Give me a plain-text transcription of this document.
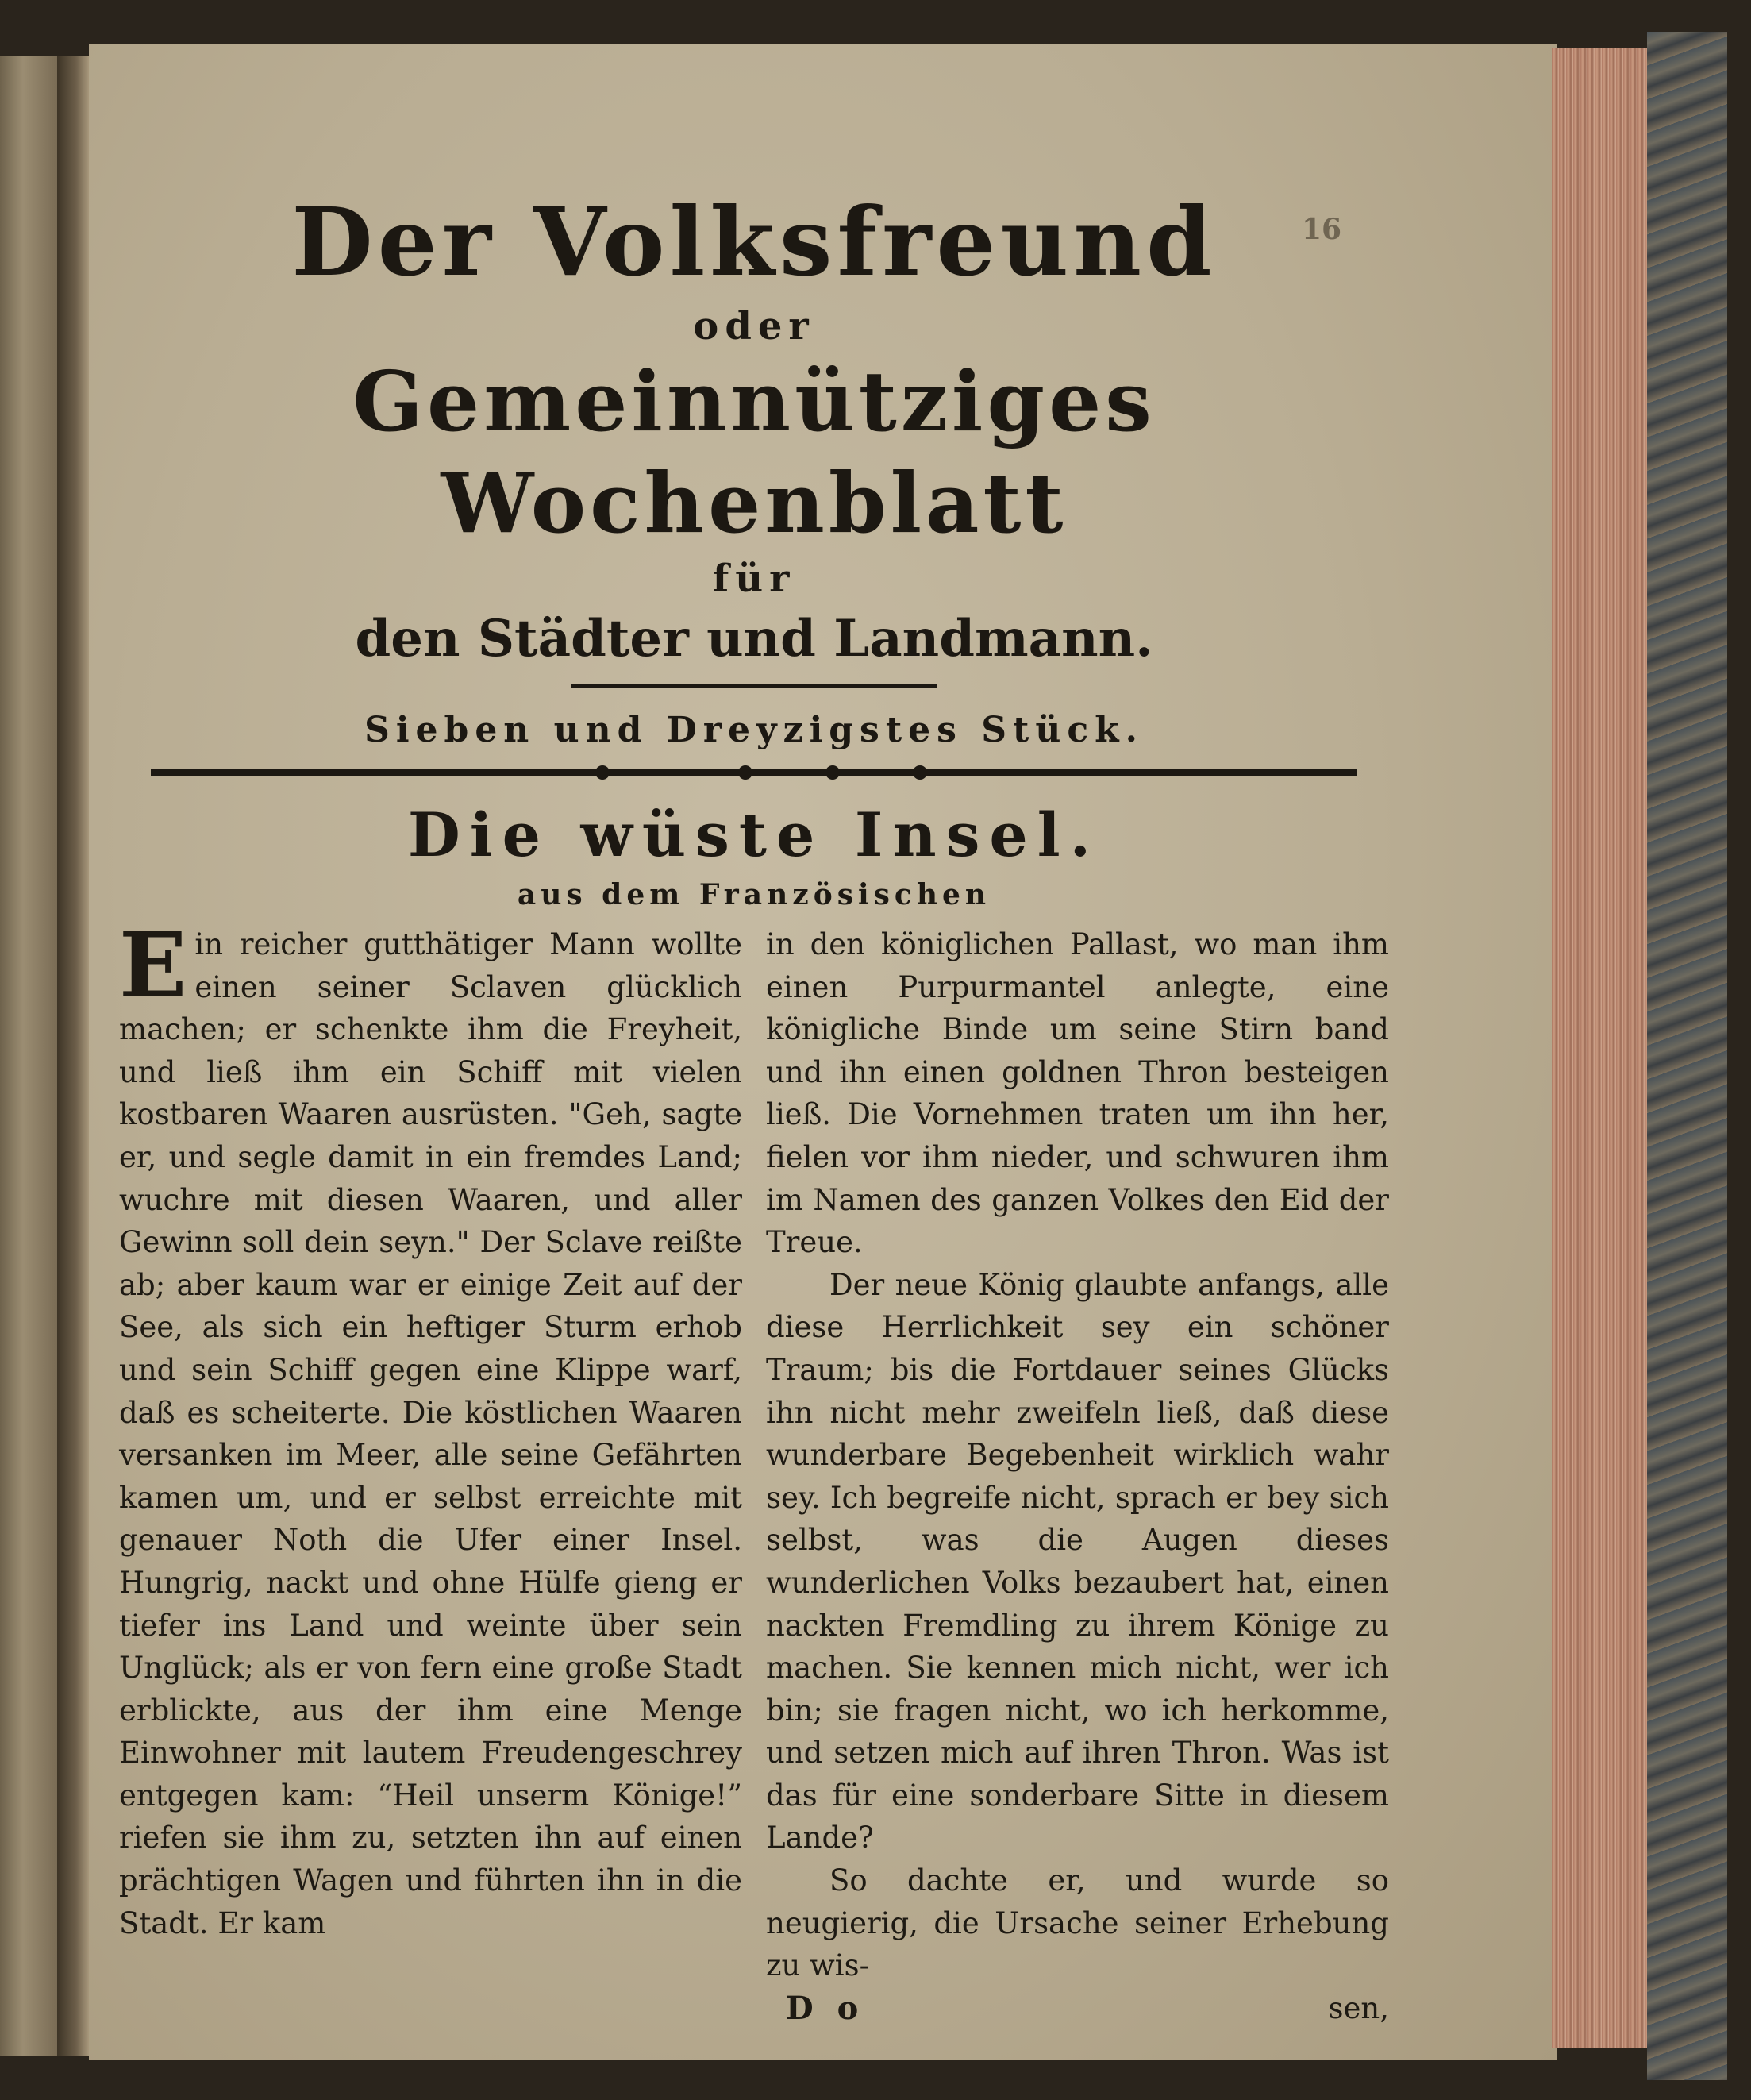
16

Der Volksfreund

oder

Gemeinnütziges Wochenblatt

für

den Städter und Landmann.

Sieben und Dreyzigstes Stück.

Die wüste Insel.

aus dem Französischen

Ein reicher gutthätiger Mann wollte einen seiner Sclaven glücklich machen; er schenkte ihm die Freyheit, und ließ ihm ein Schiff mit vielen kostbaren Waaren ausrüsten. "Geh, sagte er, und segle damit in ein fremdes Land; wuchre mit diesen Waaren, und aller Gewinn soll dein seyn." Der Sclave reißte ab; aber kaum war er einige Zeit auf der See, als sich ein heftiger Sturm erhob und sein Schiff gegen eine Klippe warf, daß es scheiterte. Die köstlichen Waaren versanken im Meer, alle seine Gefährten kamen um, und er selbst erreichte mit genauer Noth die Ufer einer Insel. Hungrig, nackt und ohne Hülfe gieng er tiefer ins Land und weinte über sein Unglück; als er von fern eine große Stadt erblickte, aus der ihm eine Menge Einwohner mit lautem Freudengeschrey entgegen kam: “Heil unserm Könige!” riefen sie ihm zu, setzten ihn auf einen prächtigen Wagen und führten ihn in die Stadt. Er kam

in den königlichen Pallast, wo man ihm einen Purpurmantel anlegte, eine königliche Binde um seine Stirn band und ihn einen goldnen Thron besteigen ließ. Die Vornehmen traten um ihn her, fielen vor ihm nieder, und schwuren ihm im Namen des ganzen Volkes den Eid der Treue.

Der neue König glaubte anfangs, alle diese Herrlichkeit sey ein schöner Traum; bis die Fortdauer seines Glücks ihn nicht mehr zweifeln ließ, daß diese wunderbare Begebenheit wirklich wahr sey. Ich begreife nicht, sprach er bey sich selbst, was die Augen dieses wunderlichen Volks bezaubert hat, einen nackten Fremdling zu ihrem Könige zu machen. Sie kennen mich nicht, wer ich bin; sie fragen nicht, wo ich herkomme, und setzen mich auf ihren Thron. Was ist das für eine sonderbare Sitte in diesem Lande?

So dachte er, und wurde so neugierig, die Ursache seiner Erhebung zu wis-

D o	sen,
